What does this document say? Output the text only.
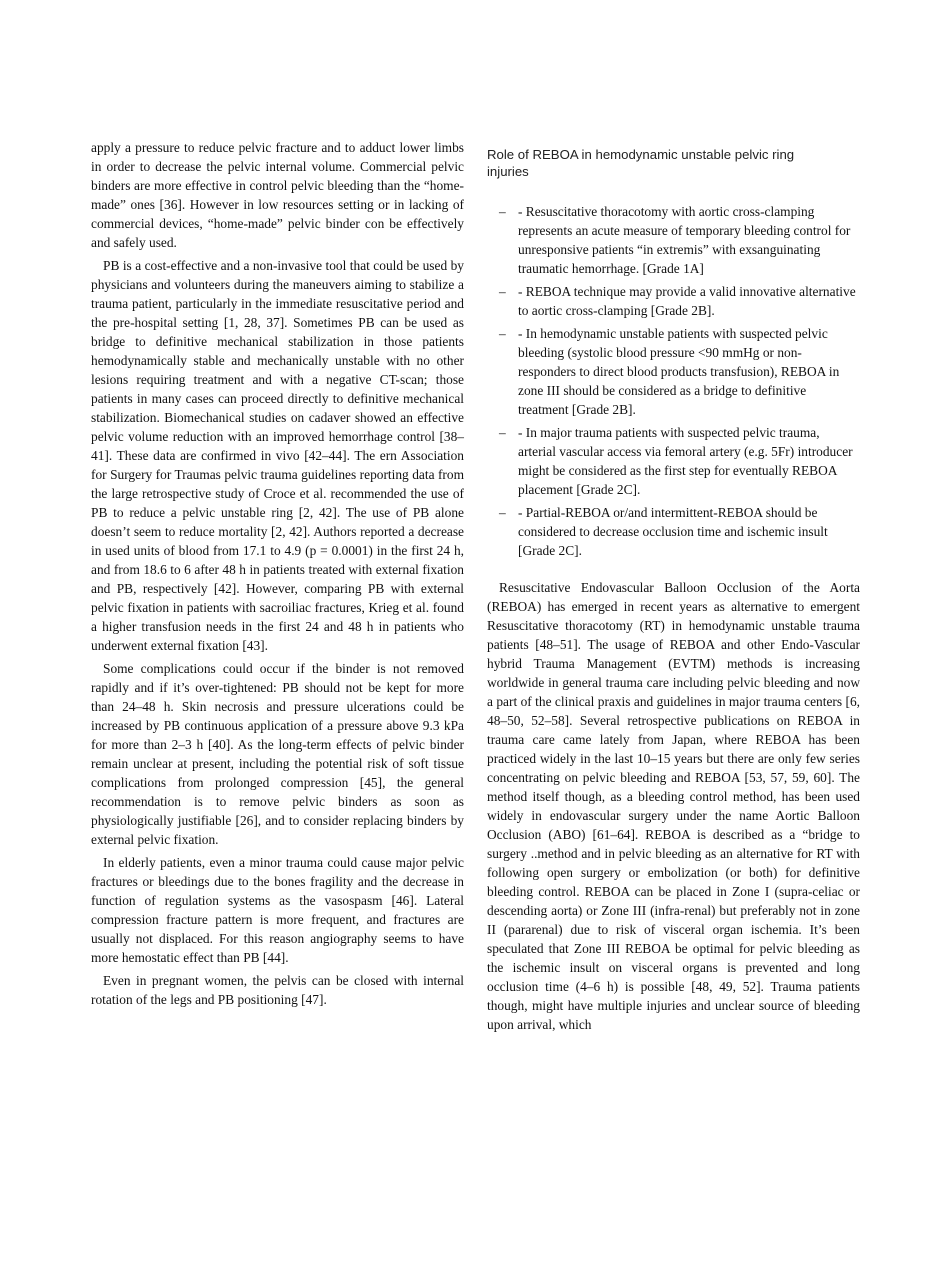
apply a pressure to reduce pelvic fracture and to adduct lower limbs in order to decrease the pelvic internal volume. Commercial pelvic binders are more effective in control pelvic bleeding than the “home-made” ones [36]. However in low resources setting or in lacking of commercial devices, “home-made” pelvic binder con be effectively and safely used.

PB is a cost-effective and a non-invasive tool that could be used by physicians and volunteers during the maneuvers aiming to stabilize a trauma patient, particularly in the immediate resuscitative period and the pre-hospital setting [1, 28, 37]. Sometimes PB can be used as bridge to definitive mechanical stabilization in those patients hemodynamically stable and mechanically unstable with no other lesions requiring treatment and with a negative CT-scan; those patients in many cases can proceed directly to definitive mechanical stabilization. Biomechanical studies on cadaver showed an effective pelvic volume reduction with an improved hemorrhage control [38–41]. These data are confirmed in vivo [42–44]. The ern Association for Surgery for Traumas pelvic trauma guidelines reporting data from the large retrospective study of Croce et al. recommended the use of PB to reduce a pelvic unstable ring [2, 42]. The use of PB alone doesn’t seem to reduce mortality [2, 42]. Authors reported a decrease in used units of blood from 17.1 to 4.9 (p = 0.0001) in the first 24 h, and from 18.6 to 6 after 48 h in patients treated with external fixation and PB, respectively [42]. However, comparing PB with external pelvic fixation in patients with sacroiliac fractures, Krieg et al. found a higher transfusion needs in the first 24 and 48 h in patients who underwent external fixation [43].

Some complications could occur if the binder is not removed rapidly and if it’s over-tightened: PB should not be kept for more than 24–48 h. Skin necrosis and pressure ulcerations could be increased by PB continuous application of a pressure above 9.3 kPa for more than 2–3 h [40]. As the long-term effects of pelvic binder remain unclear at present, including the potential risk of soft tissue complications from prolonged compression [45], the general recommendation is to remove pelvic binders as soon as physiologically justifiable [26], and to consider replacing binders by external pelvic fixation.

In elderly patients, even a minor trauma could cause major pelvic fractures or bleedings due to the bones fragility and the decrease in function of regulation systems as the vasospasm [46]. Lateral compression fracture pattern is more frequent, and fractures are usually not displaced. For this reason angiography seems to have more hemostatic effect than PB [44].

Even in pregnant women, the pelvis can be closed with internal rotation of the legs and PB positioning [47].

Role of REBOA in hemodynamic unstable pelvic ring injuries
– - Resuscitative thoracotomy with aortic cross-clamping represents an acute measure of temporary bleeding control for unresponsive patients “in extremis” with exsanguinating traumatic hemorrhage. [Grade 1A]
– - REBOA technique may provide a valid innovative alternative to aortic cross-clamping [Grade 2B].
– - In hemodynamic unstable patients with suspected pelvic bleeding (systolic blood pressure <90 mmHg or non-responders to direct blood products transfusion), REBOA in zone III should be considered as a bridge to definitive treatment [Grade 2B].
– - In major trauma patients with suspected pelvic trauma, arterial vascular access via femoral artery (e.g. 5Fr) introducer might be considered as the first step for eventually REBOA placement [Grade 2C].
– - Partial-REBOA or/and intermittent-REBOA should be considered to decrease occlusion time and ischemic insult [Grade 2C].

Resuscitative Endovascular Balloon Occlusion of the Aorta (REBOA) has emerged in recent years as alternative to emergent Resuscitative thoracotomy (RT) in hemodynamic unstable trauma patients [48–51]. The usage of REBOA and other Endo-Vascular hybrid Trauma Management (EVTM) methods is increasing worldwide in general trauma care including pelvic bleeding and now a part of the clinical praxis and guidelines in major trauma centers [6, 48–50, 52–58]. Several retrospective publications on REBOA in trauma care came lately from Japan, where REBOA has been practiced widely in the last 10–15 years but there are only few series concentrating on pelvic bleeding and REBOA [53, 57, 59, 60]. The method itself though, as a bleeding control method, has been used widely in endovascular surgery under the name Aortic Balloon Occlusion (ABO) [61–64]. REBOA is described as a “bridge to surgery ..method and in pelvic bleeding as an alternative for RT with following open surgery or embolization (or both) for definitive bleeding control. REBOA can be placed in Zone I (supra-celiac or descending aorta) or Zone III (infra-renal) but preferably not in zone II (pararenal) due to risk of visceral organ ischemia. It’s been speculated that Zone III REBOA be optimal for pelvic bleeding as the ischemic insult on visceral organs is prevented and long occlusion time (4–6 h) is possible [48, 49, 52]. Trauma patients though, might have multiple injuries and unclear source of bleeding upon arrival, which
